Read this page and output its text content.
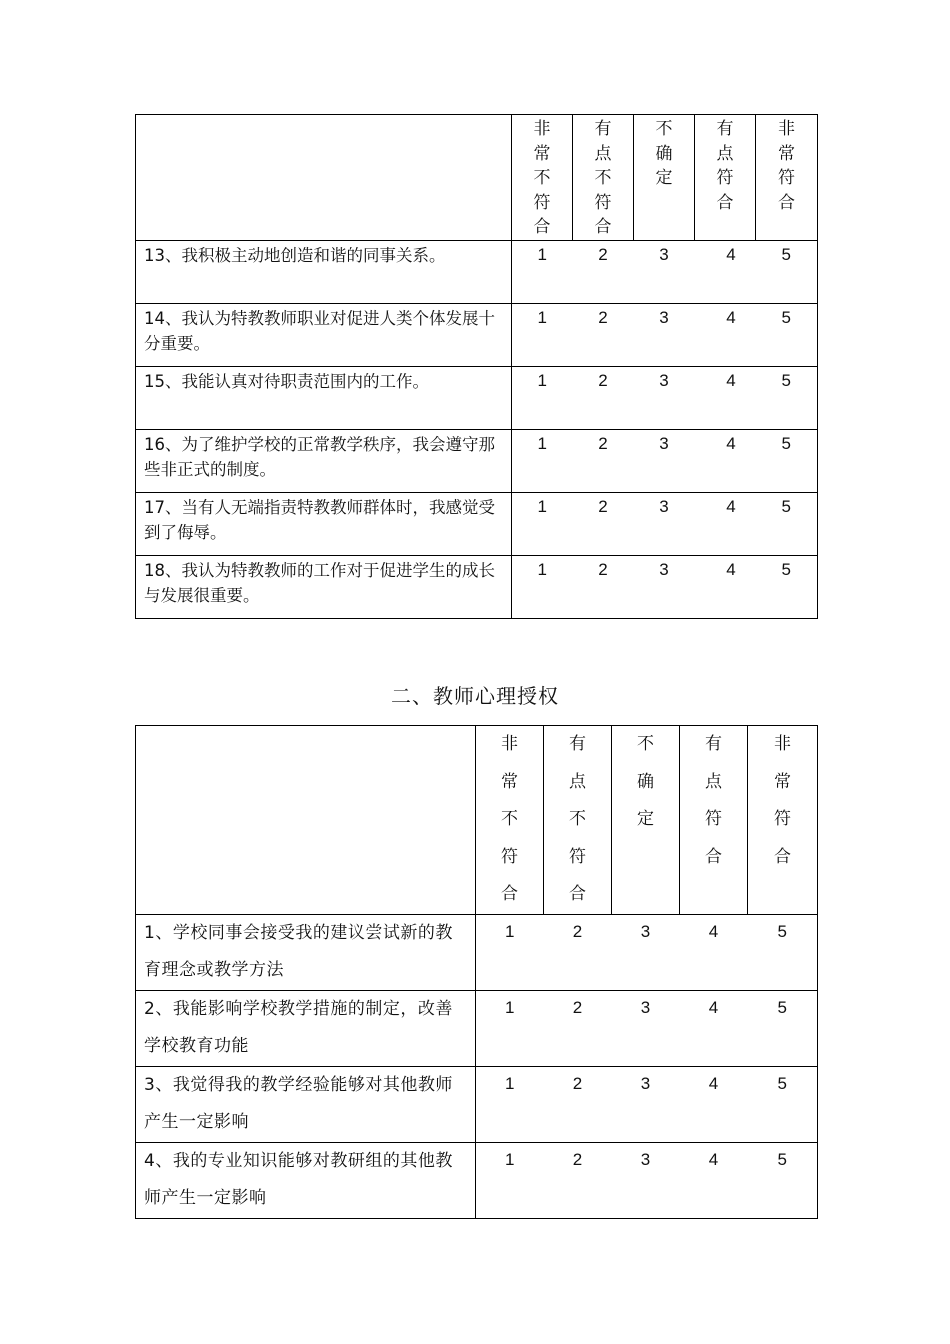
	非
常
不
符
合	有
点
不
符
合	不
确
定	有
点
符
合	非
常
符
合

13、我积极主动地创造和谐的同事关系。	1	2	3	4	5
14、我认为特教教师职业对促进人类个体发展十分重要。	1	2	3	4	5
15、我能认真对待职责范围内的工作。	1	2	3	4	5
16、为了维护学校的正常教学秩序，我会遵守那些非正式的制度。	1	2	3	4	5
17、当有人无端指责特教教师群体时，我感觉受到了侮辱。	1	2	3	4	5
18、我认为特教教师的工作对于促进学生的成长与发展很重要。	1	2	3	4	5
二、教师心理授权

	非
常
不
符
合	有
点
不
符
合	不
确
定	有
点
符
合	非
常
符
合

1、学校同事会接受我的建议尝试新的教育理念或教学方法	1	2	3	4	5
2、我能影响学校教学措施的制定，改善学校教育功能	1	2	3	4	5
3、我觉得我的教学经验能够对其他教师产生一定影响	1	2	3	4	5
4、我的专业知识能够对教研组的其他教师产生一定影响	1	2	3	4	5
